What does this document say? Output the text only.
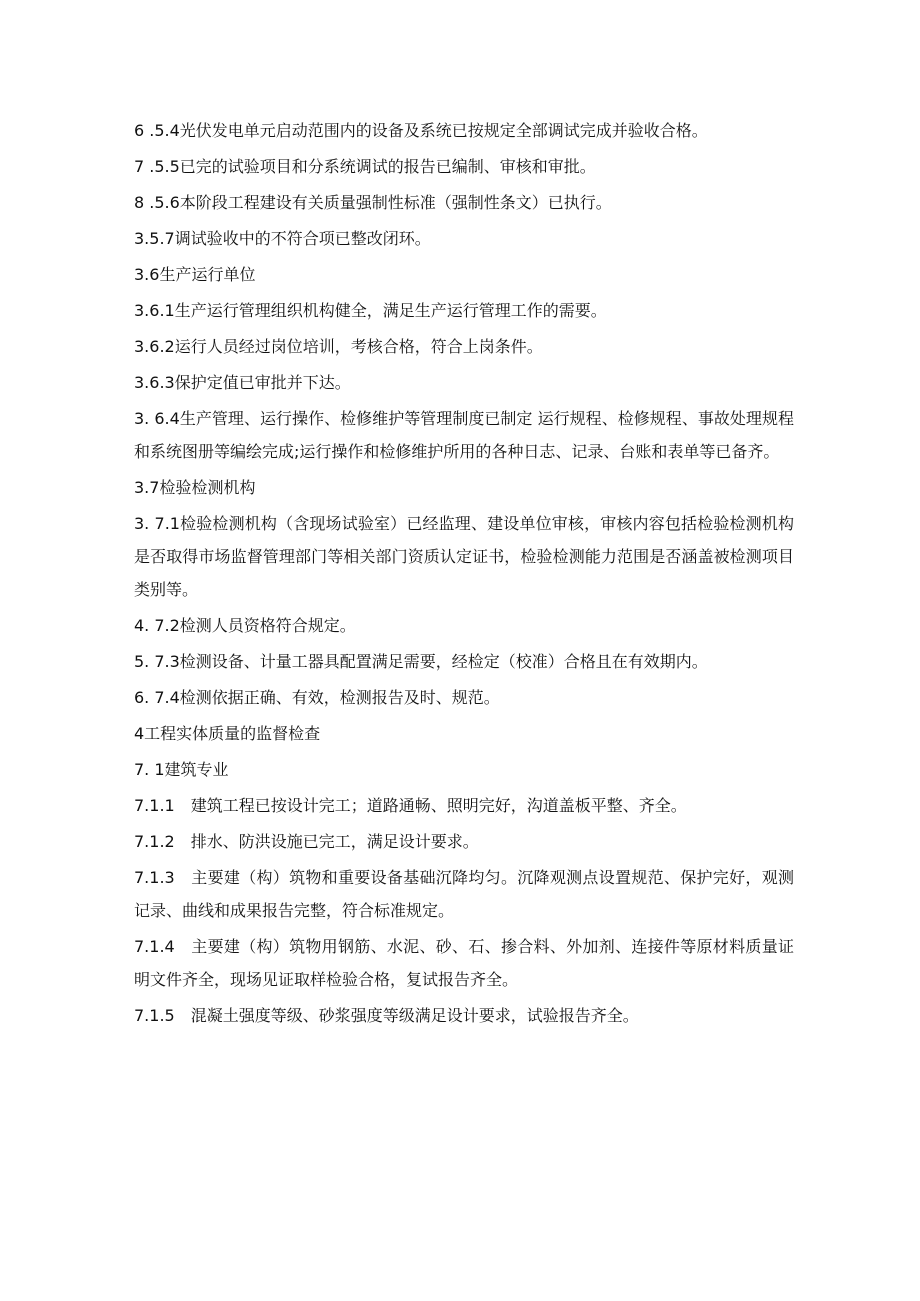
6 .5.4光伏发电单元启动范围内的设备及系统已按规定全部调试完成并验收合格。

7 .5.5已完的试验项目和分系统调试的报告已编制、审核和审批。

8 .5.6本阶段工程建设有关质量强制性标准（强制性条文）已执行。

3.5.7调试验收中的不符合项已整改闭环。

3.6生产运行单位

3.6.1生产运行管理组织机构健全，满足生产运行管理工作的需要。

3.6.2运行人员经过岗位培训，考核合格，符合上岗条件。

3.6.3保护定值已审批并下达。

3. 6.4生产管理、运行操作、检修维护等管理制度已制定 运行规程、检修规程、事故处理规程和系统图册等编绘完成;运行操作和检修维护所用的各种日志、记录、台账和表单等已备齐。

3.7检验检测机构

3. 7.1检验检测机构（含现场试验室）已经监理、建设单位审核，审核内容包括检验检测机构是否取得市场监督管理部门等相关部门资质认定证书，检验检测能力范围是否涵盖被检测项目类别等。

4. 7.2检测人员资格符合规定。

5. 7.3检测设备、计量工器具配置满足需要，经检定（校准）合格且在有效期内。

6. 7.4检测依据正确、有效，检测报告及时、规范。

4工程实体质量的监督检查

7. 1建筑专业

7.1.1　建筑工程已按设计完工；道路通畅、照明完好，沟道盖板平整、齐全。

7.1.2　排水、防洪设施已完工，满足设计要求。

7.1.3　主要建（构）筑物和重要设备基础沉降均匀。沉降观测点设置规范、保护完好，观测记录、曲线和成果报告完整，符合标准规定。

7.1.4　主要建（构）筑物用钢筋、水泥、砂、石、掺合料、外加剂、连接件等原材料质量证明文件齐全，现场见证取样检验合格，复试报告齐全。

7.1.5　混凝土强度等级、砂浆强度等级满足设计要求，试验报告齐全。
